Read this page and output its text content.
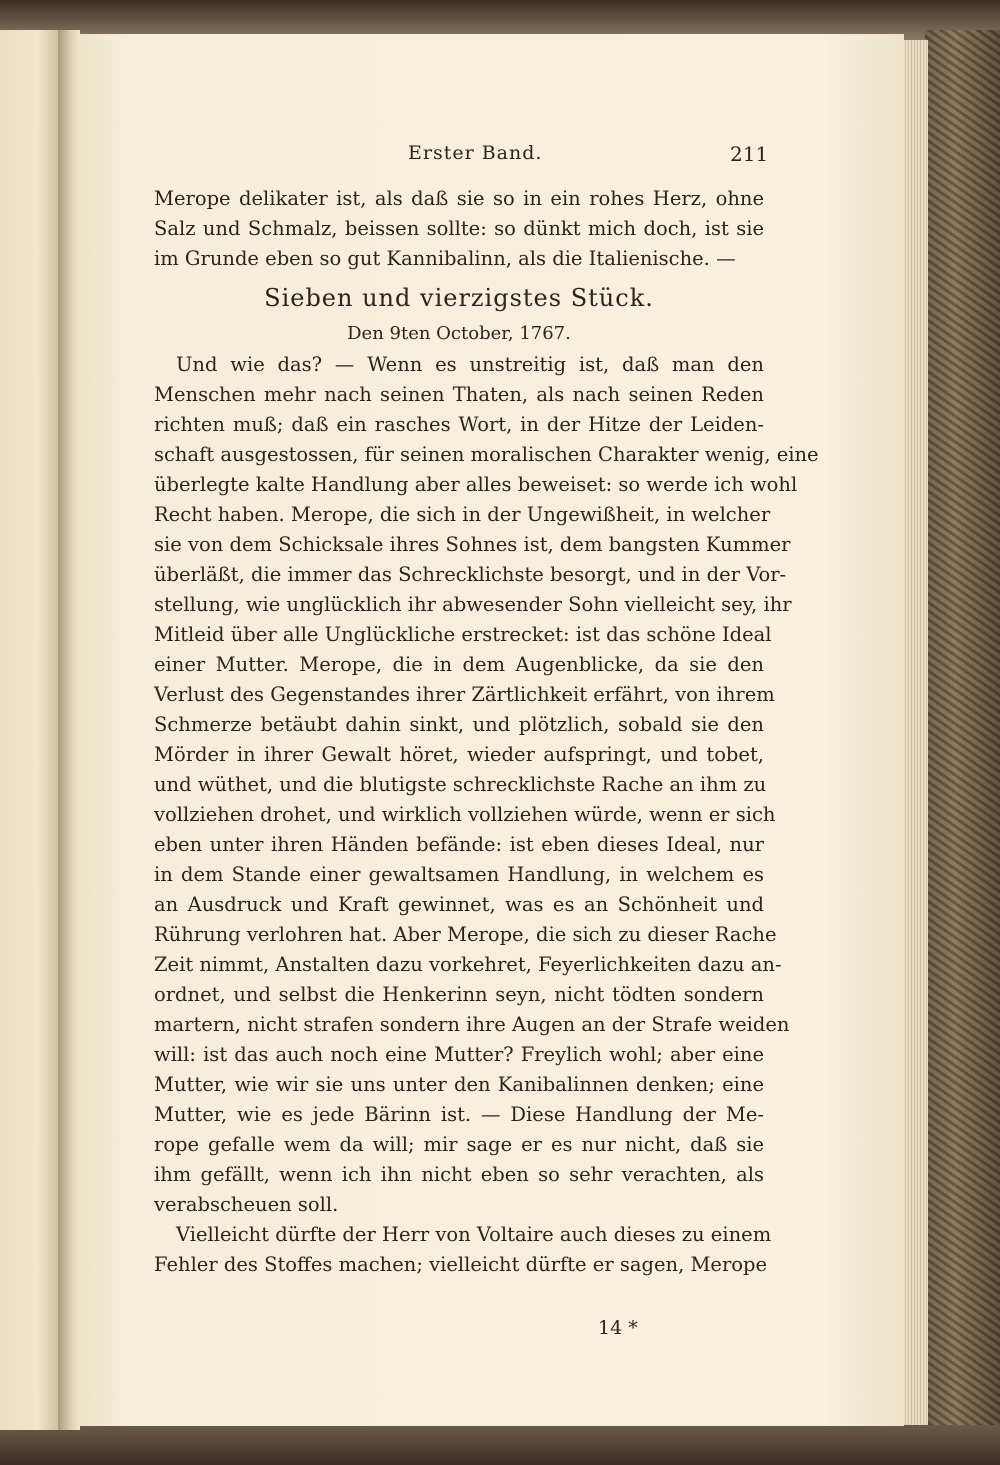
Erster Band.	211
Merope delikater ist, als daß sie so in ein rohes Herz, ohne
Salz und Schmalz, beissen sollte: so dünkt mich doch, ist sie
im Grunde eben so gut Kannibalinn, als die Italienische. —
Sieben und vierzigstes Stück.
Den 9ten October, 1767.
Und wie das? — Wenn es unstreitig ist, daß man den
Menschen mehr nach seinen Thaten, als nach seinen Reden
richten muß; daß ein rasches Wort, in der Hitze der Leiden-
schaft ausgestossen, für seinen moralischen Charakter wenig, eine
überlegte kalte Handlung aber alles beweiset: so werde ich wohl
Recht haben. Merope, die sich in der Ungewißheit, in welcher
sie von dem Schicksale ihres Sohnes ist, dem bangsten Kummer
überläßt, die immer das Schrecklichste besorgt, und in der Vor-
stellung, wie unglücklich ihr abwesender Sohn vielleicht sey, ihr
Mitleid über alle Unglückliche erstrecket: ist das schöne Ideal
einer Mutter. Merope, die in dem Augenblicke, da sie den
Verlust des Gegenstandes ihrer Zärtlichkeit erfährt, von ihrem
Schmerze betäubt dahin sinkt, und plötzlich, sobald sie den
Mörder in ihrer Gewalt höret, wieder aufspringt, und tobet,
und wüthet, und die blutigste schrecklichste Rache an ihm zu
vollziehen drohet, und wirklich vollziehen würde, wenn er sich
eben unter ihren Händen befände: ist eben dieses Ideal, nur
in dem Stande einer gewaltsamen Handlung, in welchem es
an Ausdruck und Kraft gewinnet, was es an Schönheit und
Rührung verlohren hat. Aber Merope, die sich zu dieser Rache
Zeit nimmt, Anstalten dazu vorkehret, Feyerlichkeiten dazu an-
ordnet, und selbst die Henkerinn seyn, nicht tödten sondern
martern, nicht strafen sondern ihre Augen an der Strafe weiden
will: ist das auch noch eine Mutter? Freylich wohl; aber eine
Mutter, wie wir sie uns unter den Kanibalinnen denken; eine
Mutter, wie es jede Bärinn ist. — Diese Handlung der Me-
rope gefalle wem da will; mir sage er es nur nicht, daß sie
ihm gefällt, wenn ich ihn nicht eben so sehr verachten, als
verabscheuen soll.
Vielleicht dürfte der Herr von Voltaire auch dieses zu einem
Fehler des Stoffes machen; vielleicht dürfte er sagen, Merope
14 *
